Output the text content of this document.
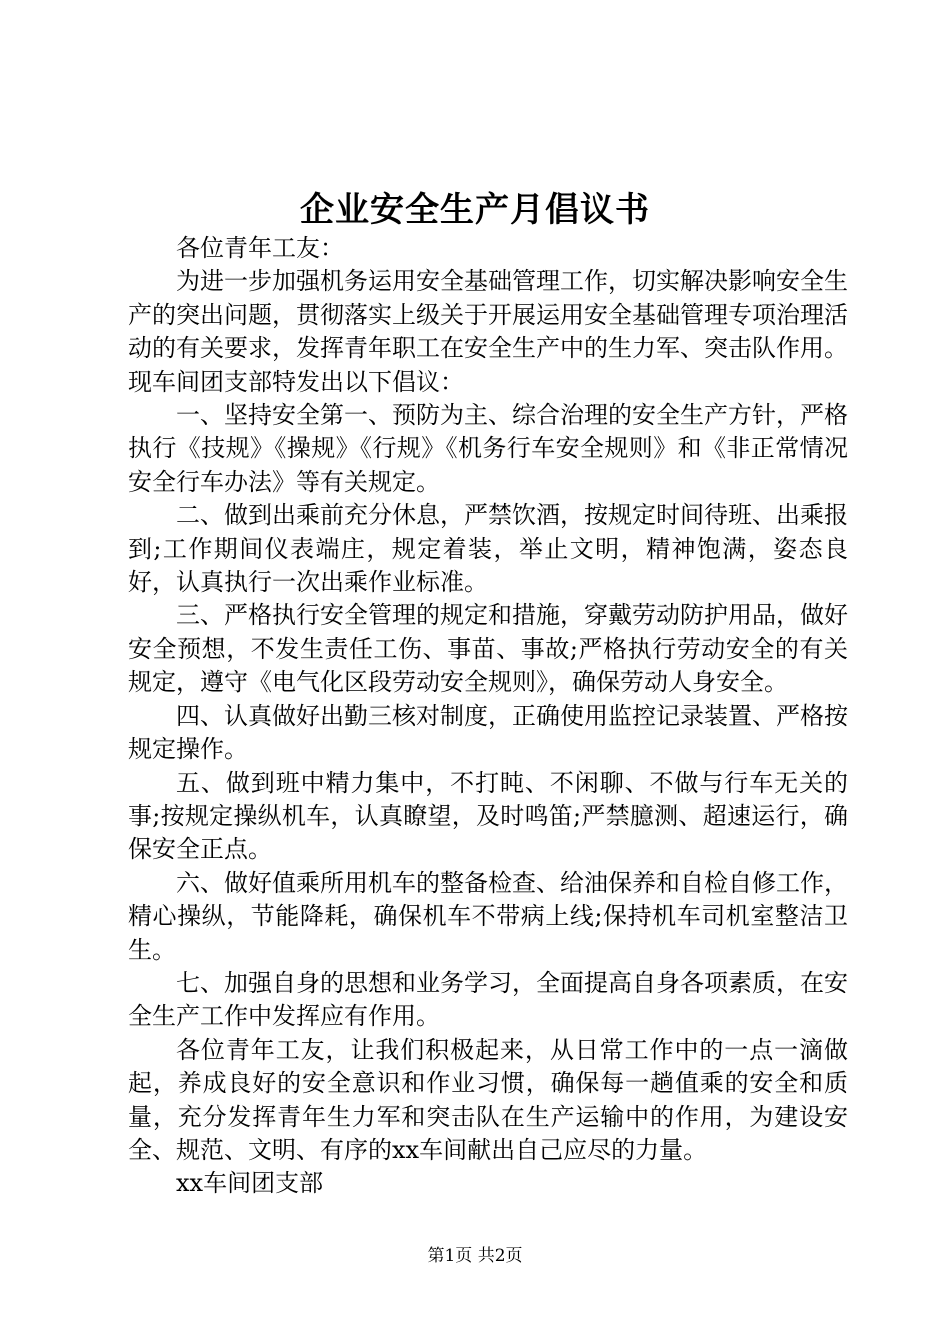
企业安全生产月倡议书

各位青年工友：

为进一步加强机务运用安全基础管理工作，切实解决影响安全生产的突出问题，贯彻落实上级关于开展运用安全基础管理专项治理活动的有关要求，发挥青年职工在安全生产中的生力军、突击队作用。现车间团支部特发出以下倡议：

一、坚持安全第一、预防为主、综合治理的安全生产方针，严格执行《技规》《操规》《行规》《机务行车安全规则》和《非正常情况安全行车办法》等有关规定。

二、做到出乘前充分休息，严禁饮酒，按规定时间待班、出乘报到;工作期间仪表端庄，规定着装，举止文明，精神饱满，姿态良好，认真执行一次出乘作业标准。

三、严格执行安全管理的规定和措施，穿戴劳动防护用品，做好安全预想，不发生责任工伤、事苗、事故;严格执行劳动安全的有关规定，遵守《电气化区段劳动安全规则》，确保劳动人身安全。

四、认真做好出勤三核对制度，正确使用监控记录装置、严格按规定操作。

五、做到班中精力集中，不打盹、不闲聊、不做与行车无关的事;按规定操纵机车，认真瞭望，及时鸣笛;严禁臆测、超速运行，确保安全正点。

六、做好值乘所用机车的整备检查、给油保养和自检自修工作，精心操纵，节能降耗，确保机车不带病上线;保持机车司机室整洁卫生。

七、加强自身的思想和业务学习，全面提高自身各项素质，在安全生产工作中发挥应有作用。

各位青年工友，让我们积极起来，从日常工作中的一点一滴做起，养成良好的安全意识和作业习惯，确保每一趟值乘的安全和质量，充分发挥青年生力军和突击队在生产运输中的作用，为建设安全、规范、文明、有序的xx车间献出自己应尽的力量。

xx车间团支部

第1页 共2页
